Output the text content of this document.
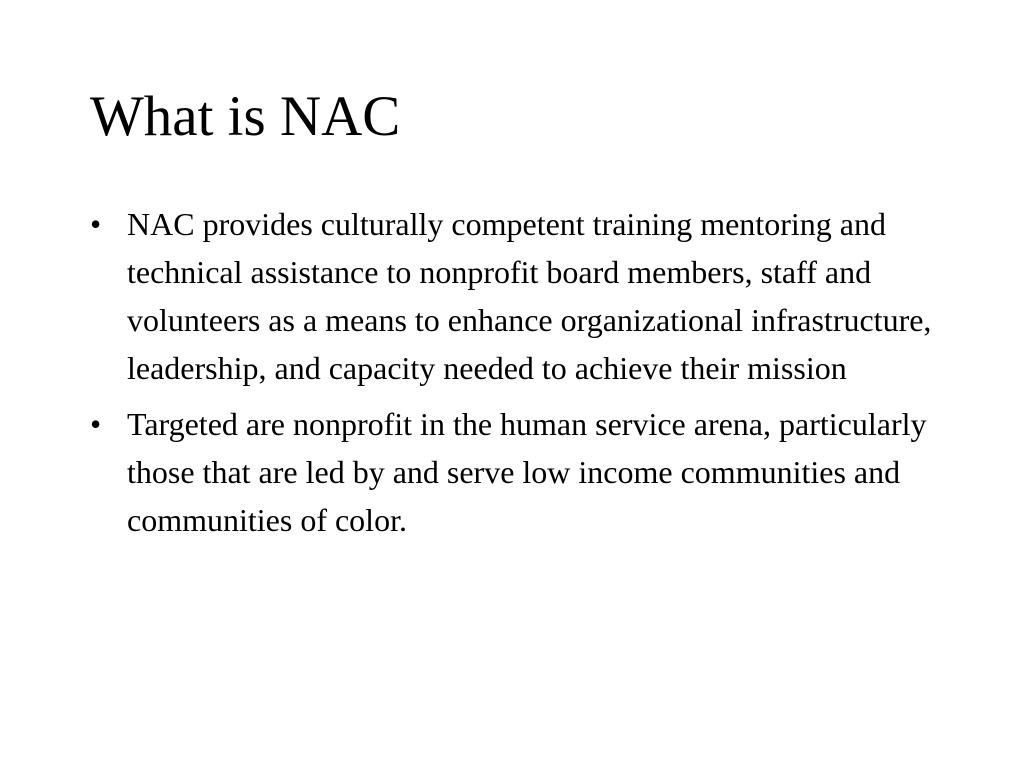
What is NAC
• NAC provides culturally competent training mentoring and technical assistance to nonprofit board members, staff and volunteers as a means to enhance organizational infrastructure, leadership, and capacity needed to achieve their mission
• Targeted are nonprofit in the human service arena, particularly those that are led by and serve low income communities and communities of color.
